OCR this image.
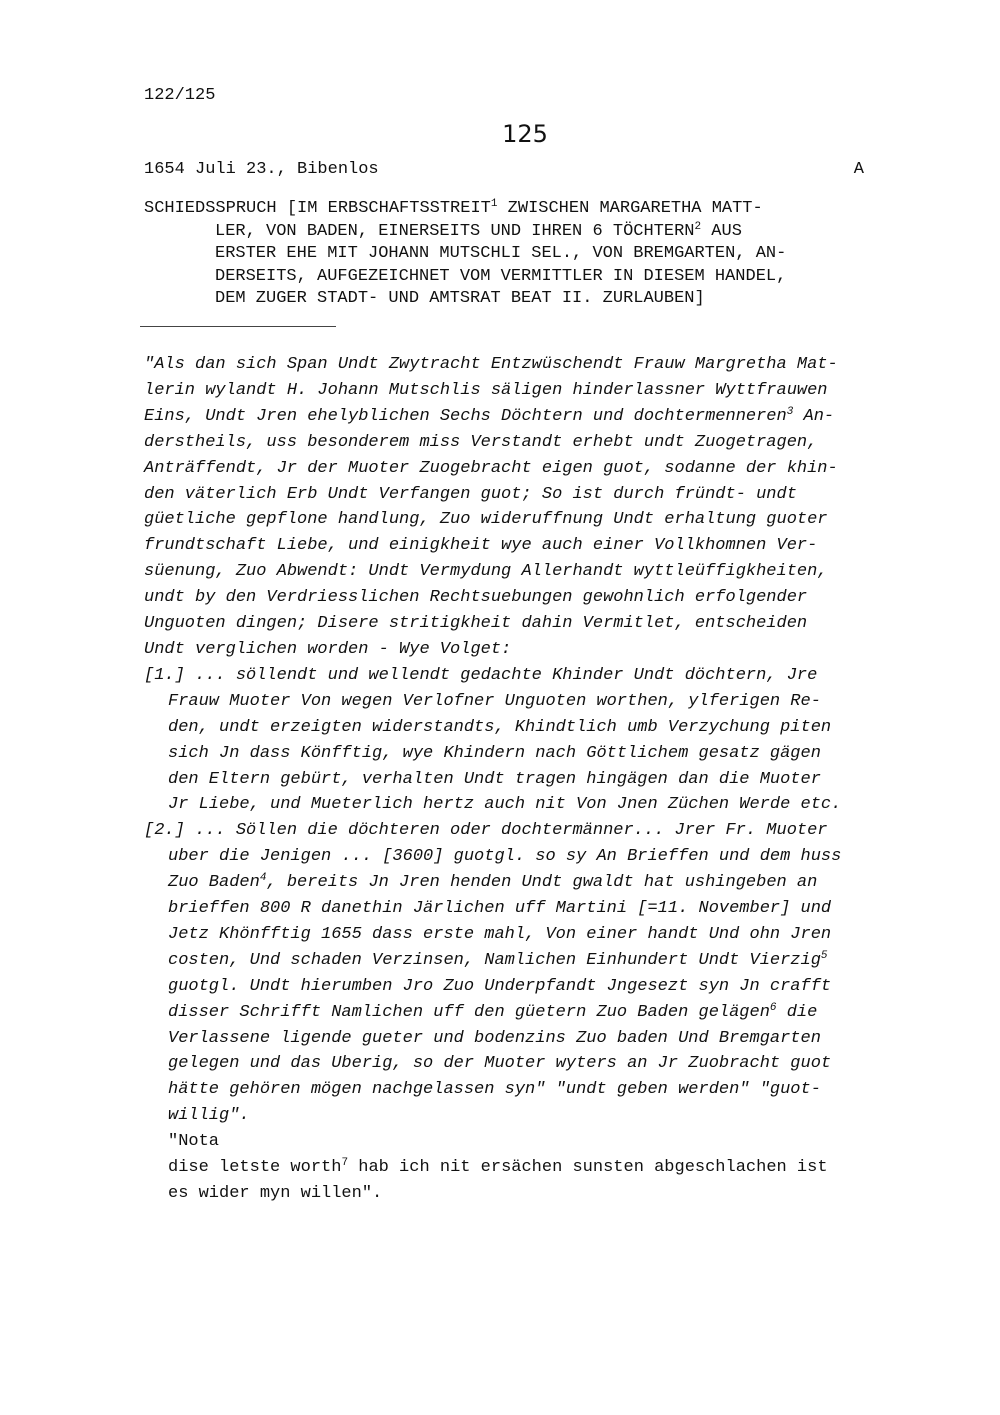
122/125
125
1654 Juli 23., Bibenlos	A
SCHIEDSSPRUCH [IM ERBSCHAFTSSTREIT$^1$ ZWISCHEN MARGARETHA MATT-
LER, VON BADEN, EINERSEITS UND IHREN 6 TÖCHTERN$^2$ AUS
ERSTER EHE MIT JOHANN MUTSCHLI SEL., VON BREMGARTEN, AN-
DERSEITS, AUFGEZEICHNET VOM VERMITTLER IN DIESEM HANDEL,
DEM ZUGER STADT- UND AMTSRAT BEAT II. ZURLAUBEN]
"Als dan sich Span Undt Zwytracht Entzwüschendt Frauw Margretha Mat-
lerin wylandt H. Johann Mutschlis säligen hinderlassner Wyttfrauwen
Eins, Undt Jren ehelyblichen Sechs Döchtern und dochtermenneren$^3$ An-
derstheils, uss besonderem miss Verstandt erhebt undt Zuogetragen,
Anträffendt, Jr der Muoter Zuogebracht eigen guot, sodanne der khin-
den väterlich Erb Undt Verfangen guot; So ist durch fründt- undt
güetliche gepflone handlung, Zuo wideruffnung Undt erhaltung guoter
frundtschaft Liebe, und einigkheit wye auch einer Vollkhomnen Ver-
süenung, Zuo Abwendt: Undt Vermydung Allerhandt wyttleüffigkheiten,
undt by den Verdriesslichen Rechtsuebungen gewohnlich erfolgender
Unguoten dingen; Disere stritigkheit dahin Vermitlet, entscheiden
Undt verglichen worden - Wye Volget:
[1.] ... söllendt und wellendt gedachte Khinder Undt döchtern, Jre
Frauw Muoter Von wegen Verlofner Unguoten worthen, ylferigen Re-
den, undt erzeigten widerstandts, Khindtlich umb Verzychung piten
sich Jn dass Könfftig, wye Khindern nach Göttlichem gesatz gägen
den Eltern gebürt, verhalten Undt tragen hingägen dan die Muoter
Jr Liebe, und Mueterlich hertz auch nit Von Jnen Züchen Werde etc.
[2.] ... Söllen die döchteren oder dochtermänner... Jrer Fr. Muoter
uber die Jenigen ... [3600] guotgl. so sy An Brieffen und dem huss
Zuo Baden$^4$, bereits Jn Jren henden Undt gwaldt hat ushingeben an
brieffen 800 R danethin Järlichen uff Martini [=11. November] und
Jetz Khönfftig 1655 dass erste mahl, Von einer handt Und ohn Jren
costen, Und schaden Verzinsen, Namlichen Einhundert Undt Vierzig$^5$
guotgl. Undt hierumben Jro Zuo Underpfandt Jngesezt syn Jn crafft
disser Schrifft Namlichen uff den güetern Zuo Baden gelägen$^6$ die
Verlassene ligende gueter und bodenzins Zuo baden Und Bremgarten
gelegen und das Uberig, so der Muoter wyters an Jr Zuobracht guot
hätte gehören mögen nachgelassen syn" "undt geben werden" "guot-
willig".
"Nota
dise letste worth$^7$ hab ich nit ersächen sunsten abgeschlachen ist
es wider myn willen".
